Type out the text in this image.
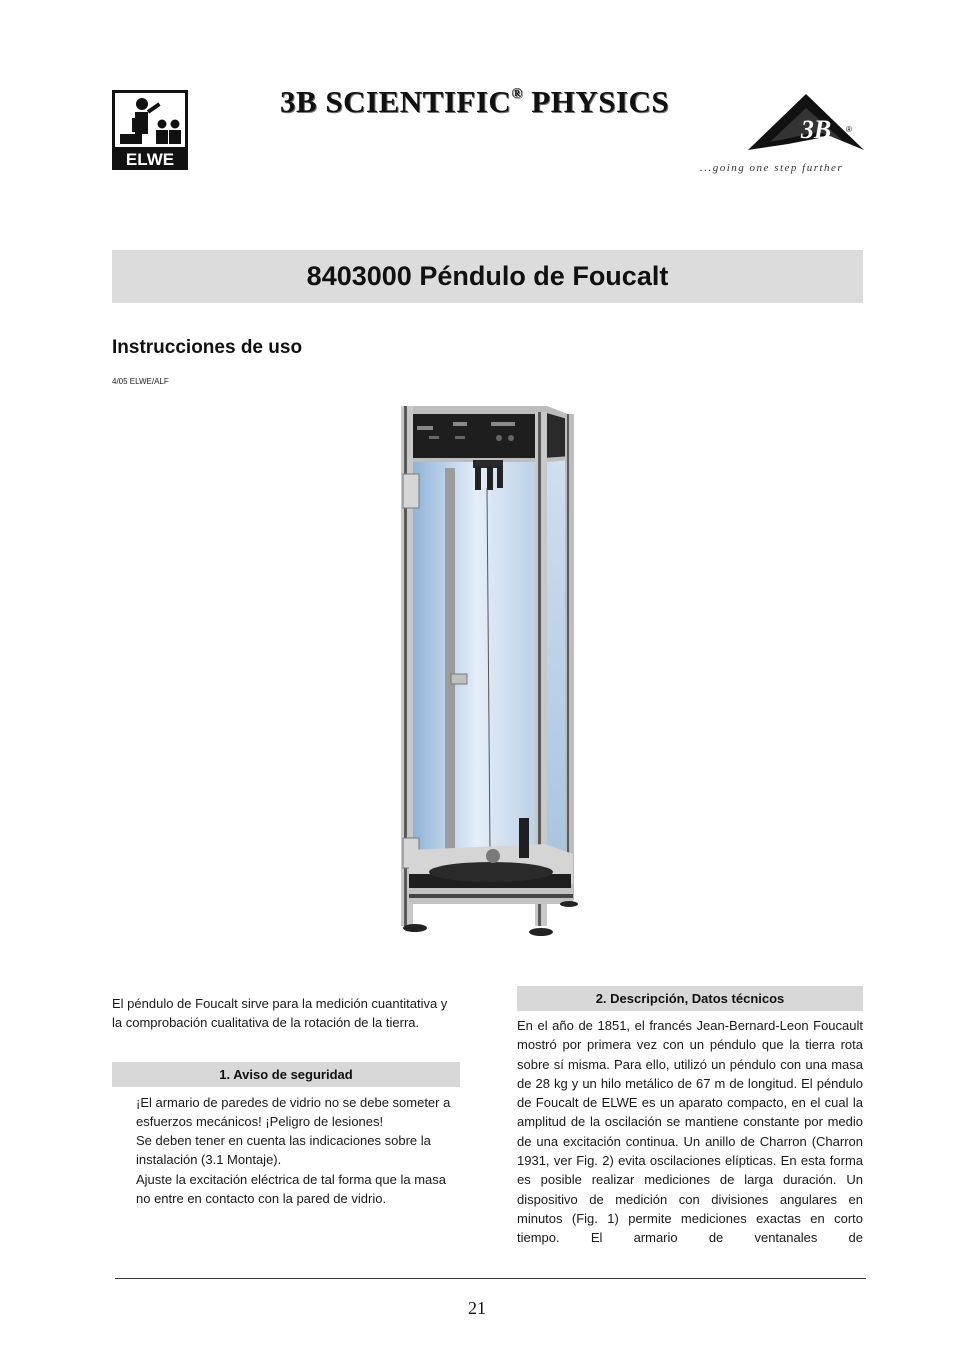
ELWE
3B SCIENTIFIC® PHYSICS
3B ®
...going one step further
8403000 Péndulo de Foucalt
Instrucciones de uso
4/05 ELWE/ALF

El péndulo de Foucalt sirve para la medición cuantitativa y la comprobación cualitativa de la rotación de la tierra.

1. Aviso de seguridad

¡El armario de paredes de vidrio no se debe someter a esfuerzos mecánicos! ¡Peligro de lesiones!

Se deben tener en cuenta las indicaciones sobre la instalación (3.1 Montaje).

Ajuste la excitación eléctrica de tal forma que la masa no entre en contacto con la pared de vidrio.

2. Descripción, Datos técnicos

En el año de 1851, el francés Jean-Bernard-Leon Foucault mostró por primera vez con un péndulo que la tierra rota sobre sí misma. Para ello, utilizó un péndulo con una masa de 28 kg y un hilo metálico de 67 m de longitud. El péndulo de Foucalt de ELWE es un aparato compacto, en el cual la amplitud de la oscilación se mantiene constante por medio de una excitación continua. Un anillo de Charron (Charron 1931, ver Fig. 2) evita oscilaciones elípticas. En esta forma es posible realizar mediciones de larga duración. Un dispositivo de medición con divisiones angulares en minutos (Fig. 1) permite mediciones exactas en corto tiempo. El armario de ventanales de

21
